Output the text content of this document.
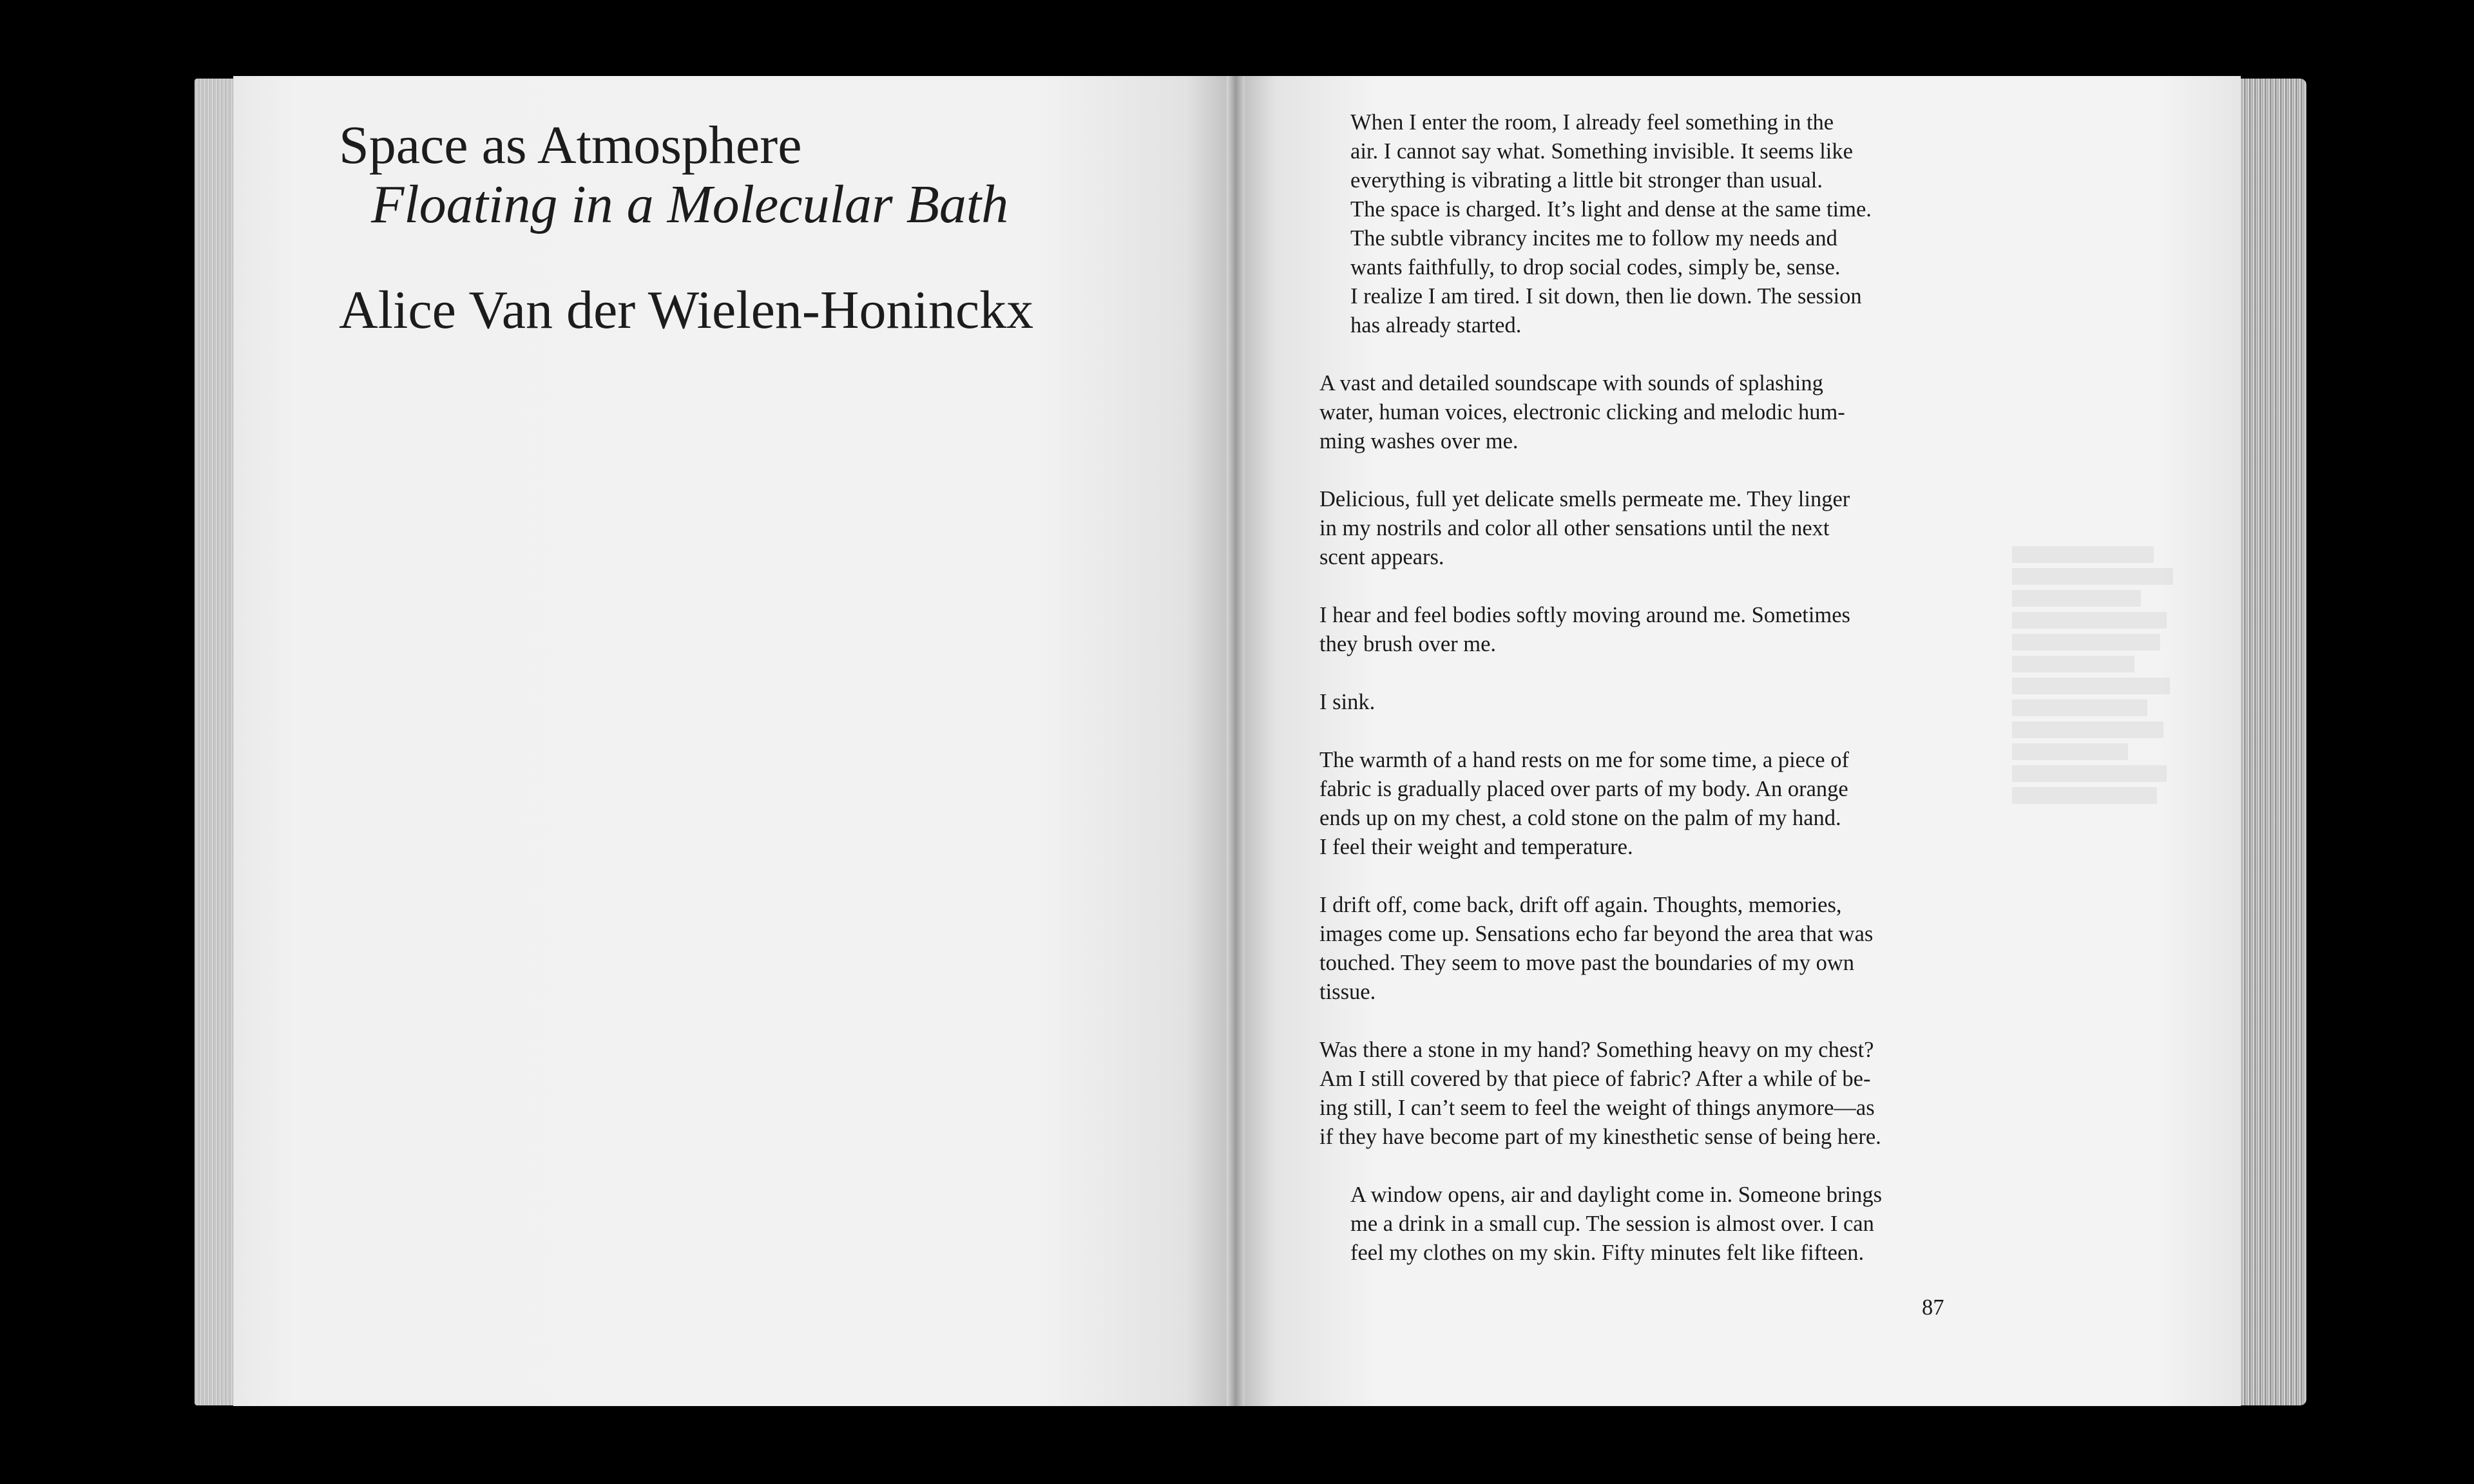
Space as Atmosphere
Floating in a Molecular Bath
Alice Van der Wielen-Honinckx
When I enter the room, I already feel something in the
air. I cannot say what. Something invisible. It seems like
everything is vibrating a little bit stronger than usual.
The space is charged. It’s light and dense at the same time.
The subtle vibrancy incites me to follow my needs and
wants faithfully, to drop social codes, simply be, sense.
I realize I am tired. I sit down, then lie down. The session
has already started.
A vast and detailed soundscape with sounds of splashing
water, human voices, electronic clicking and melodic hum-
ming washes over me.
Delicious, full yet delicate smells permeate me. They linger
in my nostrils and color all other sensations until the next
scent appears.
I hear and feel bodies softly moving around me. Sometimes
they brush over me.
I sink.
The warmth of a hand rests on me for some time, a piece of
fabric is gradually placed over parts of my body. An orange
ends up on my chest, a cold stone on the palm of my hand.
I feel their weight and temperature.
I drift off, come back, drift off again. Thoughts, memories,
images come up. Sensations echo far beyond the area that was
touched. They seem to move past the boundaries of my own
tissue.
Was there a stone in my hand? Something heavy on my chest?
Am I still covered by that piece of fabric? After a while of be-
ing still, I can’t seem to feel the weight of things anymore—as
if they have become part of my kinesthetic sense of being here.
A window opens, air and daylight come in. Someone brings
me a drink in a small cup. The session is almost over. I can
feel my clothes on my skin. Fifty minutes felt like fifteen.
87
